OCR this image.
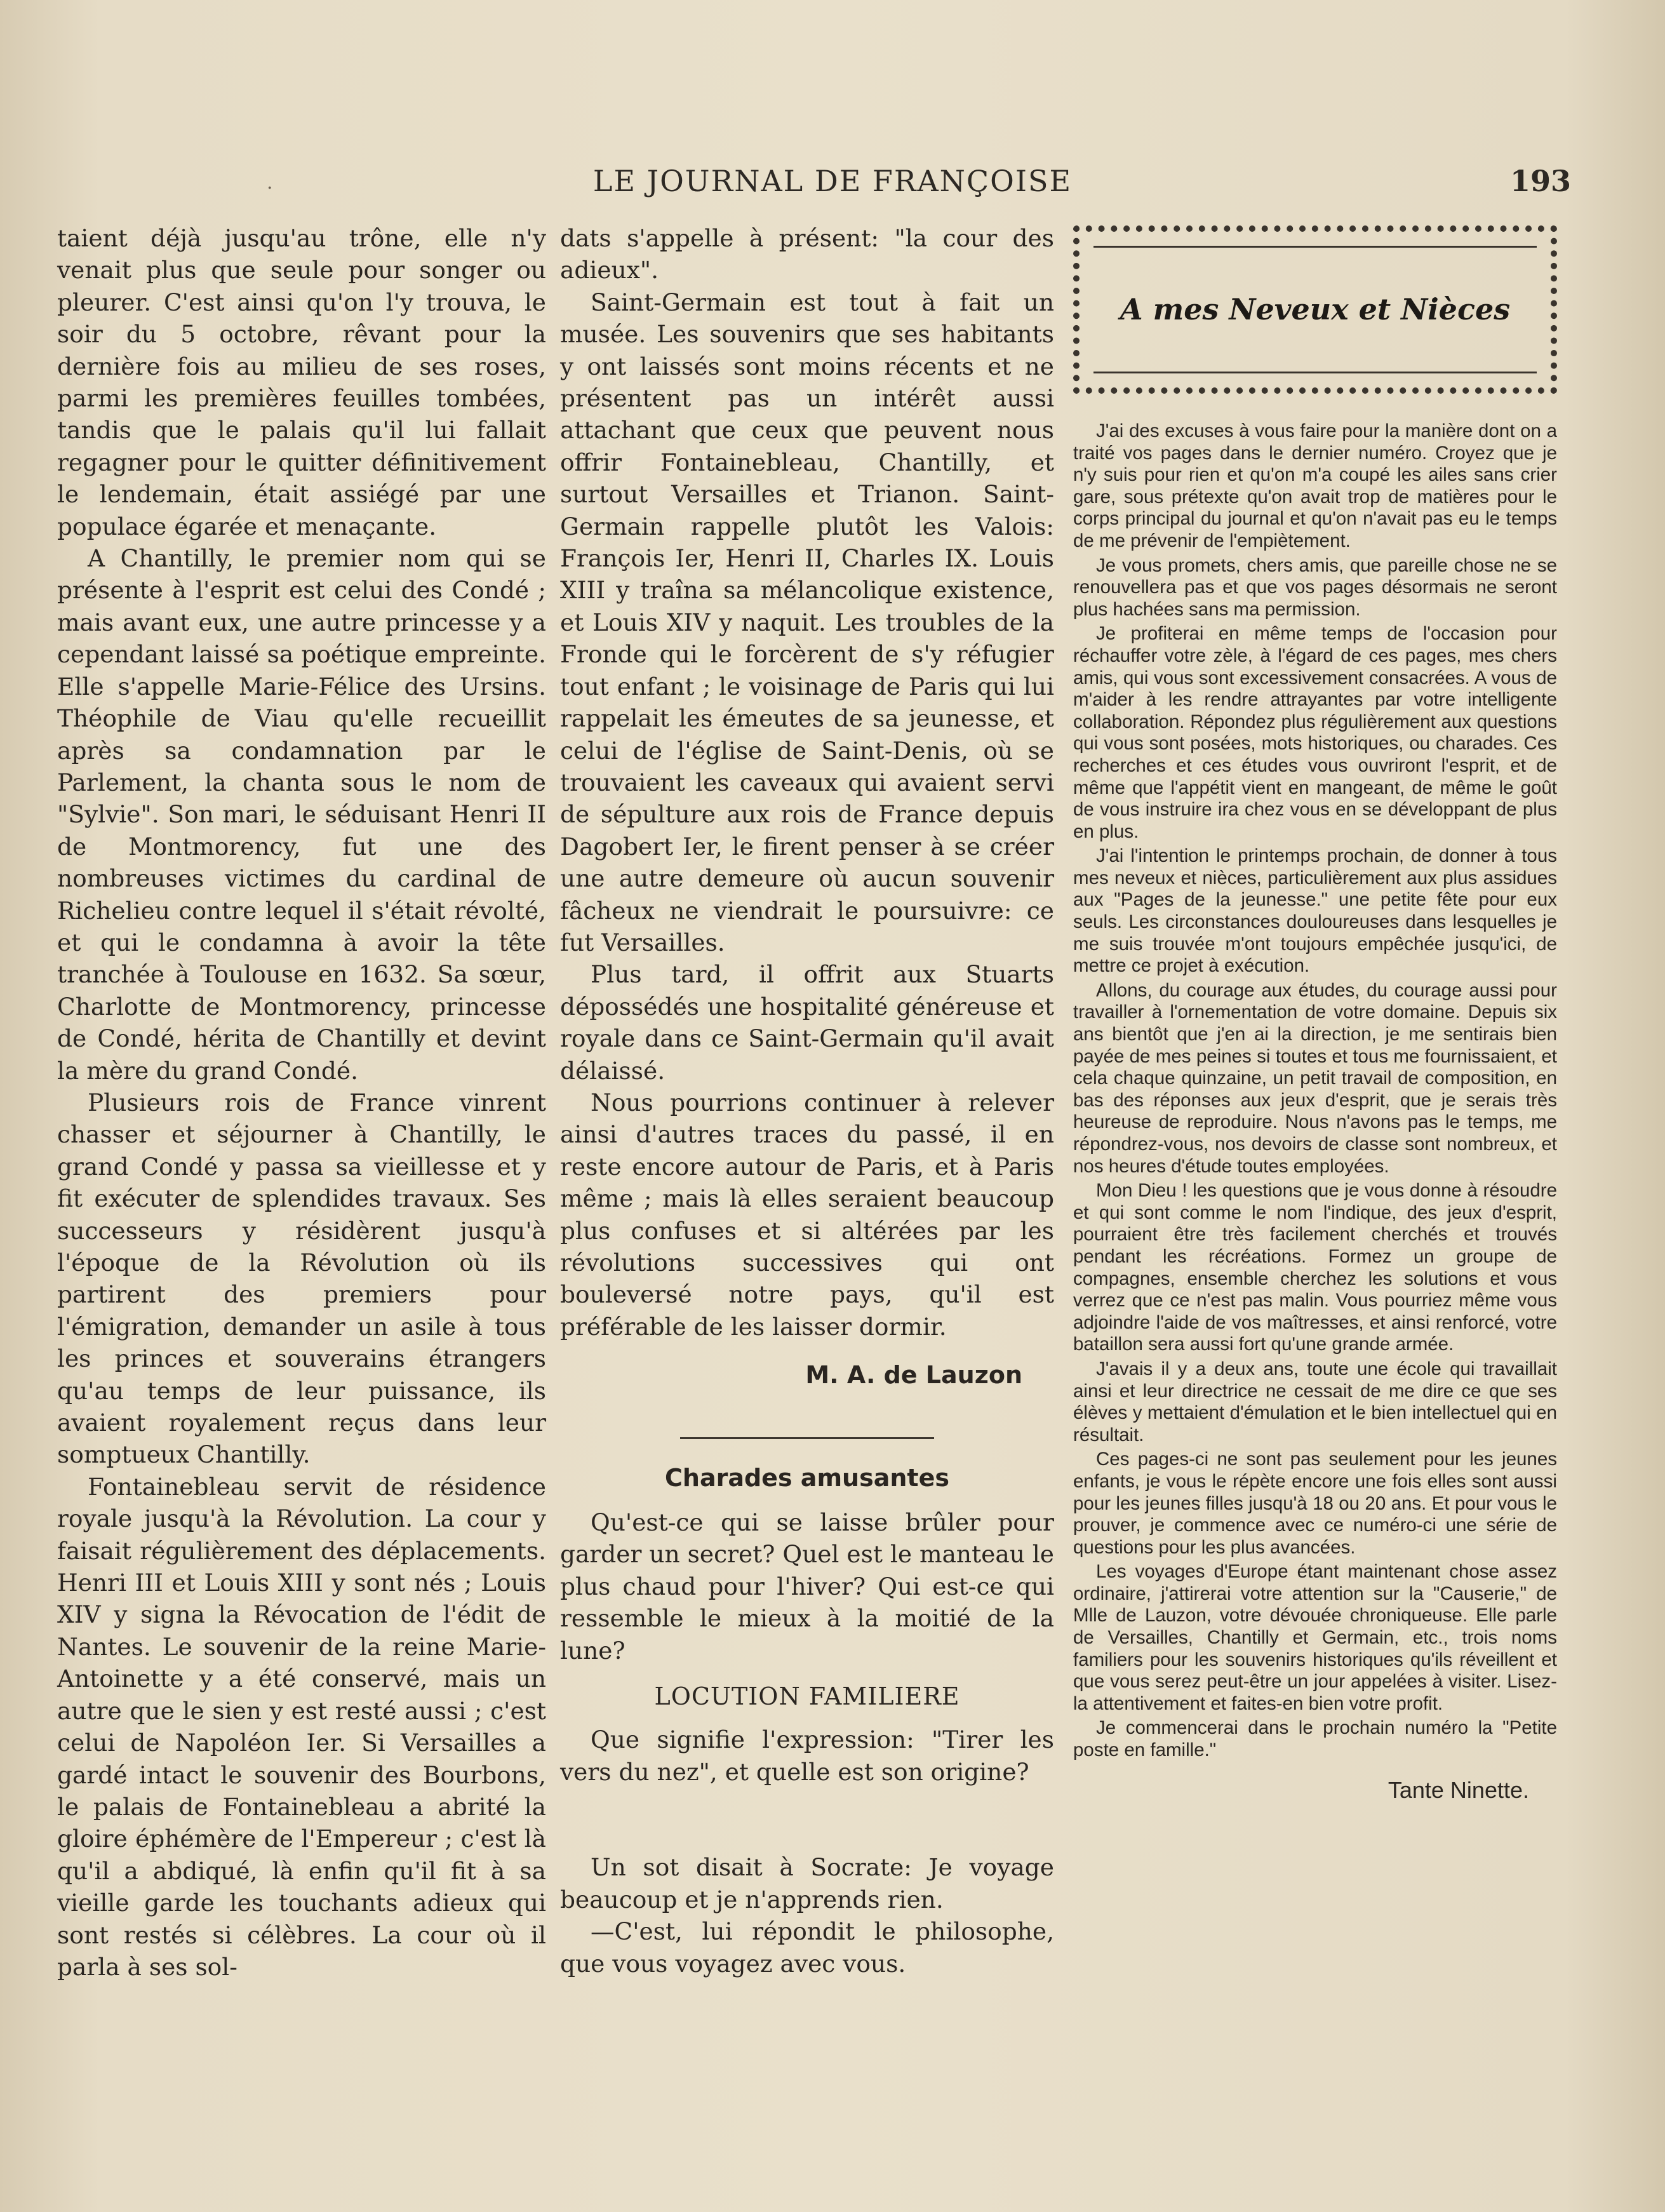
.	LE JOURNAL DE FRANÇOISE	193

taient déjà jusqu'au trône, elle n'y venait plus que seule pour songer ou pleurer. C'est ainsi qu'on l'y trouva, le soir du 5 octobre, rêvant pour la dernière fois au milieu de ses roses, parmi les premières feuilles tombées, tandis que le palais qu'il lui fallait regagner pour le quitter définitivement le lendemain, était assiégé par une populace égarée et menaçante.

A Chantilly, le premier nom qui se présente à l'esprit est celui des Condé ; mais avant eux, une autre princesse y a cependant laissé sa poétique empreinte. Elle s'appelle Marie-Félice des Ursins. Théophile de Viau qu'elle recueillit après sa condamnation par le Parlement, la chanta sous le nom de "Sylvie". Son mari, le séduisant Henri II de Montmorency, fut une des nombreuses victimes du cardinal de Richelieu contre lequel il s'était révolté, et qui le condamna à avoir la tête tranchée à Toulouse en 1632. Sa sœur, Charlotte de Montmorency, princesse de Condé, hérita de Chantilly et devint la mère du grand Condé.

Plusieurs rois de France vinrent chasser et séjourner à Chantilly, le grand Condé y passa sa vieillesse et y fit exécuter de splendides travaux. Ses successeurs y résidèrent jusqu'à l'époque de la Révolution où ils partirent des premiers pour l'émigration, demander un asile à tous les princes et souverains étrangers qu'au temps de leur puissance, ils avaient royalement reçus dans leur somptueux Chantilly.

Fontainebleau servit de résidence royale jusqu'à la Révolution. La cour y faisait régulièrement des déplacements. Henri III et Louis XIII y sont nés ; Louis XIV y signa la Révocation de l'édit de Nantes. Le souvenir de la reine Marie-Antoinette y a été conservé, mais un autre que le sien y est resté aussi ; c'est celui de Napoléon Ier. Si Versailles a gardé intact le souvenir des Bourbons, le palais de Fontainebleau a abrité la gloire éphémère de l'Empereur ; c'est là qu'il a abdiqué, là enfin qu'il fit à sa vieille garde les touchants adieux qui sont restés si célèbres. La cour où il parla à ses sol-

dats s'appelle à présent: "la cour des adieux".

Saint-Germain est tout à fait un musée. Les souvenirs que ses habitants y ont laissés sont moins récents et ne présentent pas un intérêt aussi attachant que ceux que peuvent nous offrir Fontainebleau, Chantilly, et surtout Versailles et Trianon. Saint-Germain rappelle plutôt les Valois: François Ier, Henri II, Charles IX. Louis XIII y traîna sa mélancolique existence, et Louis XIV y naquit. Les troubles de la Fronde qui le forcèrent de s'y réfugier tout enfant ; le voisinage de Paris qui lui rappelait les émeutes de sa jeunesse, et celui de l'église de Saint-Denis, où se trouvaient les caveaux qui avaient servi de sépulture aux rois de France depuis Dagobert Ier, le firent penser à se créer une autre demeure où aucun souvenir fâcheux ne viendrait le poursuivre: ce fut Versailles.

Plus tard, il offrit aux Stuarts dépossédés une hospitalité généreuse et royale dans ce Saint-Germain qu'il avait délaissé.

Nous pourrions continuer à relever ainsi d'autres traces du passé, il en reste encore autour de Paris, et à Paris même ; mais là elles seraient beaucoup plus confuses et si altérées par les révolutions successives qui ont bouleversé notre pays, qu'il est préférable de les laisser dormir.

M. A. de Lauzon
Charades amusantes

Qu'est-ce qui se laisse brûler pour garder un secret? Quel est le manteau le plus chaud pour l'hiver? Qui est-ce qui ressemble le mieux à la moitié de la lune?

LOCUTION FAMILIERE

Que signifie l'expression: "Tirer les vers du nez", et quelle est son origine?

Un sot disait à Socrate: Je voyage beaucoup et je n'apprends rien.

—C'est, lui répondit le philosophe, que vous voyagez avec vous.

A mes Neveux et Nièces

J'ai des excuses à vous faire pour la manière dont on a traité vos pages dans le dernier numéro. Croyez que je n'y suis pour rien et qu'on m'a coupé les ailes sans crier gare, sous prétexte qu'on avait trop de matières pour le corps principal du journal et qu'on n'avait pas eu le temps de me prévenir de l'empiètement.

Je vous promets, chers amis, que pareille chose ne se renouvellera pas et que vos pages désormais ne seront plus hachées sans ma permission.

Je profiterai en même temps de l'occasion pour réchauffer votre zèle, à l'égard de ces pages, mes chers amis, qui vous sont excessivement consacrées. A vous de m'aider à les rendre attrayantes par votre intelligente collaboration. Répondez plus régulièrement aux questions qui vous sont posées, mots historiques, ou charades. Ces recherches et ces études vous ouvriront l'esprit, et de même que l'appétit vient en mangeant, de même le goût de vous instruire ira chez vous en se développant de plus en plus.

J'ai l'intention le printemps prochain, de donner à tous mes neveux et nièces, particulièrement aux plus assidues aux "Pages de la jeunesse." une petite fête pour eux seuls. Les circonstances douloureuses dans lesquelles je me suis trouvée m'ont toujours empêchée jusqu'ici, de mettre ce projet à exécution.

Allons, du courage aux études, du courage aussi pour travailler à l'ornementation de votre domaine. Depuis six ans bientôt que j'en ai la direction, je me sentirais bien payée de mes peines si toutes et tous me fournissaient, et cela chaque quinzaine, un petit travail de composition, en bas des réponses aux jeux d'esprit, que je serais très heureuse de reproduire. Nous n'avons pas le temps, me répondrez-vous, nos devoirs de classe sont nombreux, et nos heures d'étude toutes employées.

Mon Dieu ! les questions que je vous donne à résoudre et qui sont comme le nom l'indique, des jeux d'esprit, pourraient être très facilement cherchés et trouvés pendant les récréations. Formez un groupe de compagnes, ensemble cherchez les solutions et vous verrez que ce n'est pas malin. Vous pourriez même vous adjoindre l'aide de vos maîtresses, et ainsi renforcé, votre bataillon sera aussi fort qu'une grande armée.

J'avais il y a deux ans, toute une école qui travaillait ainsi et leur directrice ne cessait de me dire ce que ses élèves y mettaient d'émulation et le bien intellectuel qui en résultait.

Ces pages-ci ne sont pas seulement pour les jeunes enfants, je vous le répète encore une fois elles sont aussi pour les jeunes filles jusqu'à 18 ou 20 ans. Et pour vous le prouver, je commence avec ce numéro-ci une série de questions pour les plus avancées.

Les voyages d'Europe étant maintenant chose assez ordinaire, j'attirerai votre attention sur la "Causerie," de Mlle de Lauzon, votre dévouée chroniqueuse. Elle parle de Versailles, Chantilly et Germain, etc., trois noms familiers pour les souvenirs historiques qu'ils réveillent et que vous serez peut-être un jour appelées à visiter. Lisez-la attentivement et faites-en bien votre profit.

Je commencerai dans le prochain numéro la "Petite poste en famille."

Tante Ninette.
